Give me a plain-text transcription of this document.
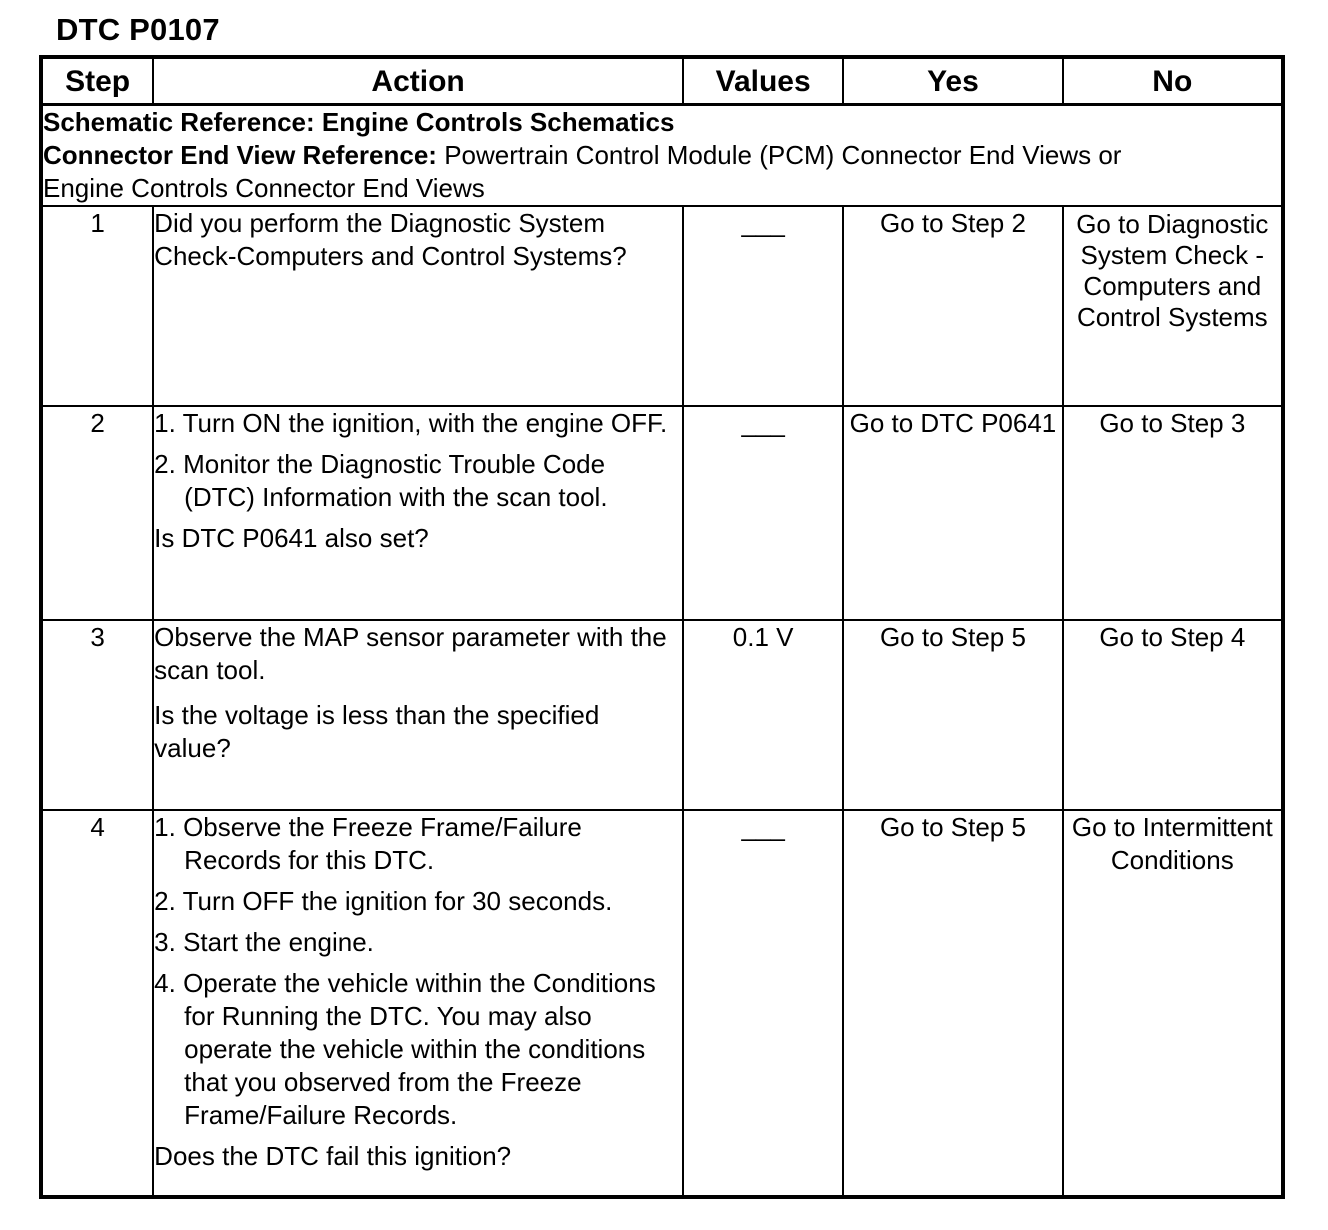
DTC P0107
Step	Action	Values	Yes	No

Schematic Reference: Engine Controls Schematics
Connector End View Reference: Powertrain Control Module (PCM) Connector End Views or
Engine Controls Connector End Views				

1	Did you perform the Diagnostic System Check-Computers and Control Systems?	___	Go to Step 2	Go to Diagnostic System Check - Computers and Control Systems
2	1. Turn ON the ignition, with the engine OFF.
2. Monitor the Diagnostic Trouble Code (DTC) Information with the scan tool.
Is DTC P0641 also set?	___	Go to DTC P0641	Go to Step 3
3	Observe the MAP sensor parameter with the scan tool.
Is the voltage is less than the specified value?	0.1 V	Go to Step 5	Go to Step 4
4	1. Observe the Freeze Frame/Failure Records for this DTC.
2. Turn OFF the ignition for 30 seconds.
3. Start the engine.
4. Operate the vehicle within the Conditions for Running the DTC. You may also operate the vehicle within the conditions that you observed from the Freeze Frame/Failure Records.
Does the DTC fail this ignition?	___	Go to Step 5	Go to Intermittent Conditions
